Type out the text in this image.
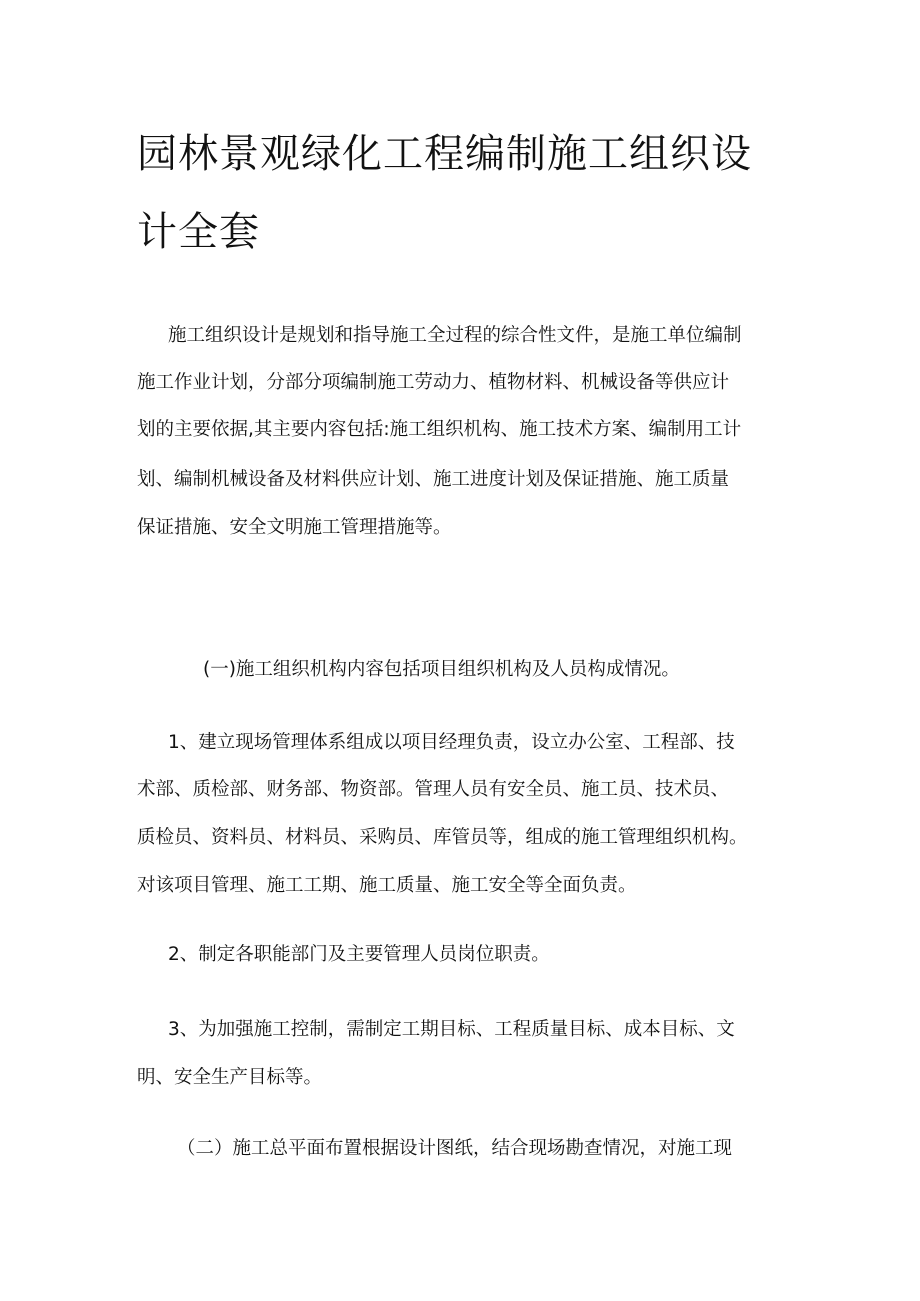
园林景观绿化工程编制施工组织设
计全套
施工组织设计是规划和指导施工全过程的综合性文件，是施工单位编制
施工作业计划，分部分项编制施工劳动力、植物材料、机械设备等供应计
划的主要依据,其主要内容包括:施工组织机构、施工技术方案、编制用工计
划、编制机械设备及材料供应计划、施工进度计划及保证措施、施工质量
保证措施、安全文明施工管理措施等。
(一)施工组织机构内容包括项目组织机构及人员构成情况。
1、建立现场管理体系组成以项目经理负责，设立办公室、工程部、技
术部、质检部、财务部、物资部。管理人员有安全员、施工员、技术员、
质检员、资料员、材料员、采购员、库管员等，组成的施工管理组织机构。
对该项目管理、施工工期、施工质量、施工安全等全面负责。
2、制定各职能部门及主要管理人员岗位职责。
3、为加强施工控制，需制定工期目标、工程质量目标、成本目标、文
明、安全生产目标等。
（二）施工总平面布置根据设计图纸，结合现场勘查情况，对施工现
